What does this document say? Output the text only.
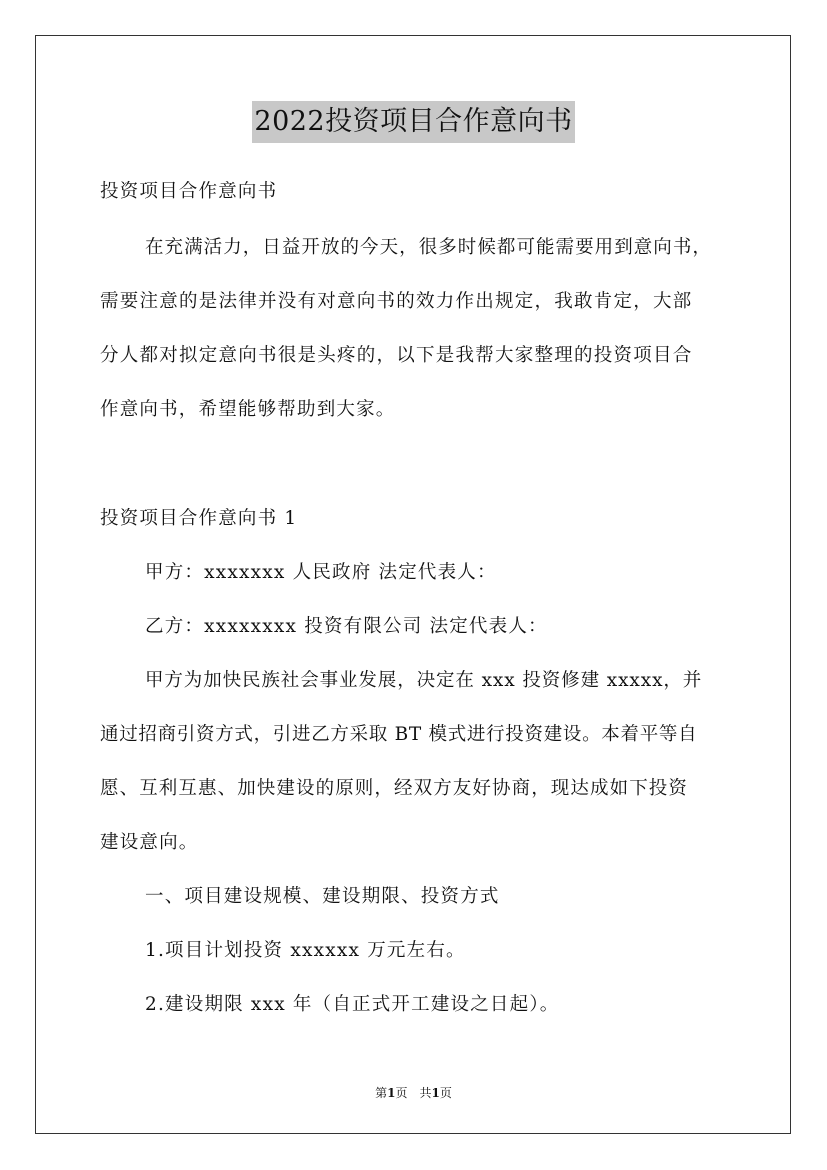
2022投资项目合作意向书
投资项目合作意向书
在充满活力，日益开放的今天，很多时候都可能需要用到意向书，
需要注意的是法律并没有对意向书的效力作出规定，我敢肯定，大部
分人都对拟定意向书很是头疼的，以下是我帮大家整理的投资项目合
作意向书，希望能够帮助到大家。
投资项目合作意向书 1
甲方：xxxxxxx 人民政府 法定代表人：
乙方：xxxxxxxx 投资有限公司 法定代表人：
甲方为加快民族社会事业发展，决定在 xxx 投资修建 xxxxx，并
通过招商引资方式，引进乙方采取 BT 模式进行投资建设。本着平等自
愿、互利互惠、加快建设的原则，经双方友好协商，现达成如下投资
建设意向。
一、项目建设规模、建设期限、投资方式
1.项目计划投资 xxxxxx 万元左右。
2.建设期限 xxx 年（自正式开工建设之日起）。
第1页　共1页
